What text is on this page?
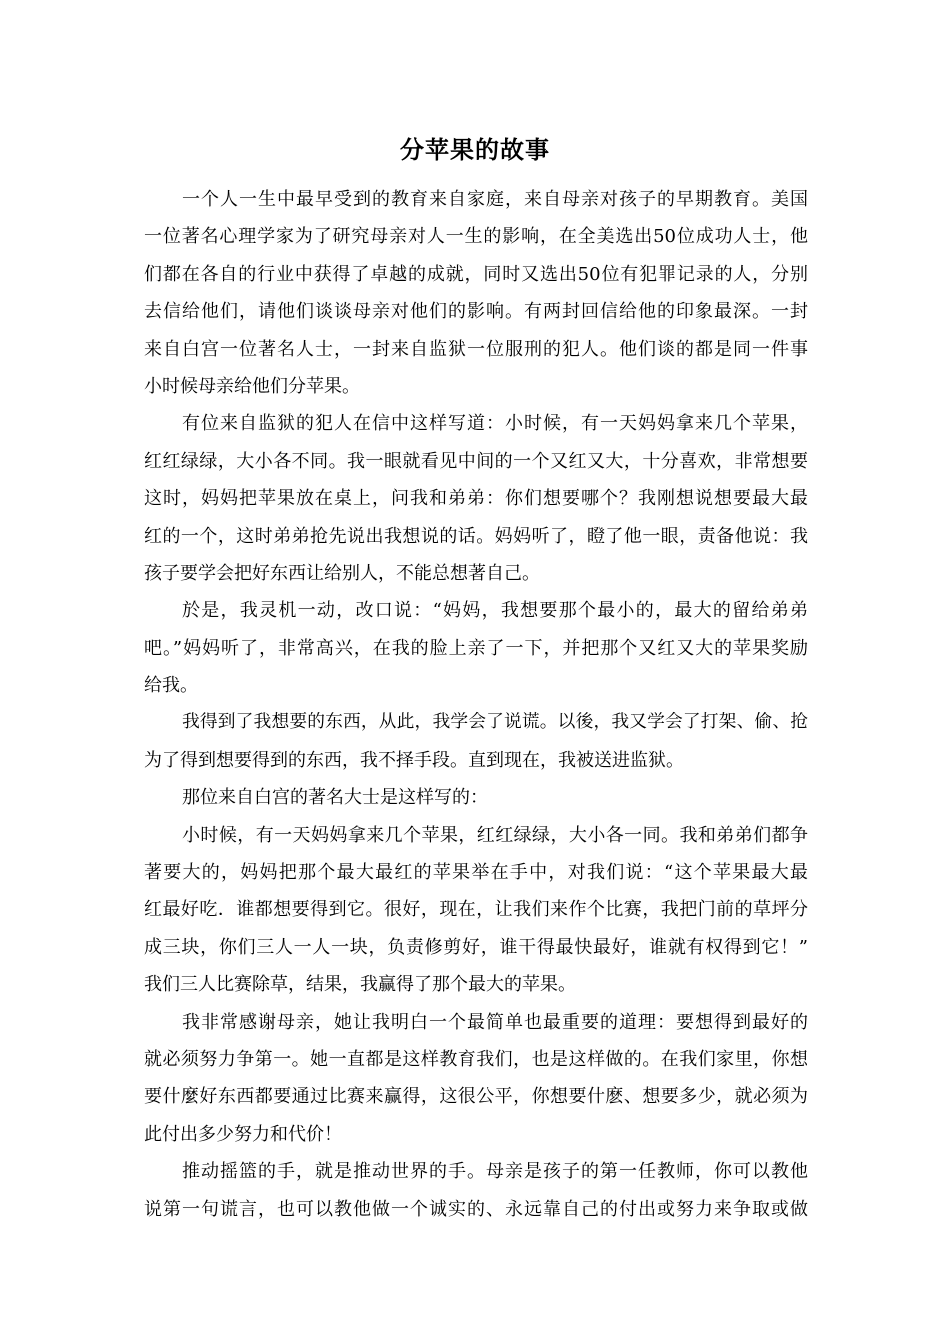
分苹果的故事
一个人一生中最早受到的教育来自家庭，来自母亲对孩子的早期教育。美国
一位著名心理学家为了研究母亲对人一生的影响，在全美选出50位成功人士，他
们都在各自的行业中获得了卓越的成就，同时又选出50位有犯罪记录的人，分别
去信给他们，请他们谈谈母亲对他们的影响。有两封回信给他的印象最深。一封
来自白宫一位著名人士，一封来自监狱一位服刑的犯人。他们谈的都是同一件事
小时候母亲给他们分苹果。
有位来自监狱的犯人在信中这样写道：小时候，有一天妈妈拿来几个苹果，
红红绿绿，大小各不同。我一眼就看见中间的一个又红又大，十分喜欢，非常想要
这时，妈妈把苹果放在桌上，问我和弟弟：你们想要哪个？我刚想说想要最大最
红的一个，这时弟弟抢先说出我想说的话。妈妈听了，瞪了他一眼，责备他说：我
孩子要学会把好东西让给别人，不能总想著自己。
於是，我灵机一动，改口说：“妈妈，我想要那个最小的，最大的留给弟弟
吧。”妈妈听了，非常高兴，在我的脸上亲了一下，并把那个又红又大的苹果奖励
给我。
我得到了我想要的东西，从此，我学会了说谎。以後，我又学会了打架、偷、抢
为了得到想要得到的东西，我不择手段。直到现在，我被送进监狱。
那位来自白宫的著名大士是这样写的：
小时候，有一天妈妈拿来几个苹果，红红绿绿，大小各一同。我和弟弟们都争
著要大的，妈妈把那个最大最红的苹果举在手中，对我们说：“这个苹果最大最
红最好吃．谁都想要得到它。很好，现在，让我们来作个比赛，我把门前的草坪分
成三块，你们三人一人一块，负责修剪好，谁干得最快最好，谁就有权得到它！”
我们三人比赛除草，结果，我赢得了那个最大的苹果。
我非常感谢母亲，她让我明白一个最简单也最重要的道理：要想得到最好的
就必须努力争第一。她一直都是这样教育我们，也是这样做的。在我们家里，你想
要什麼好东西都要通过比赛来赢得，这很公平，你想要什麽、想要多少，就必须为
此付出多少努力和代价！
推动摇篮的手，就是推动世界的手。母亲是孩子的第一任教师，你可以教他
说第一句谎言，也可以教他做一个诚实的、永远靠自己的付出或努力来争取或做
